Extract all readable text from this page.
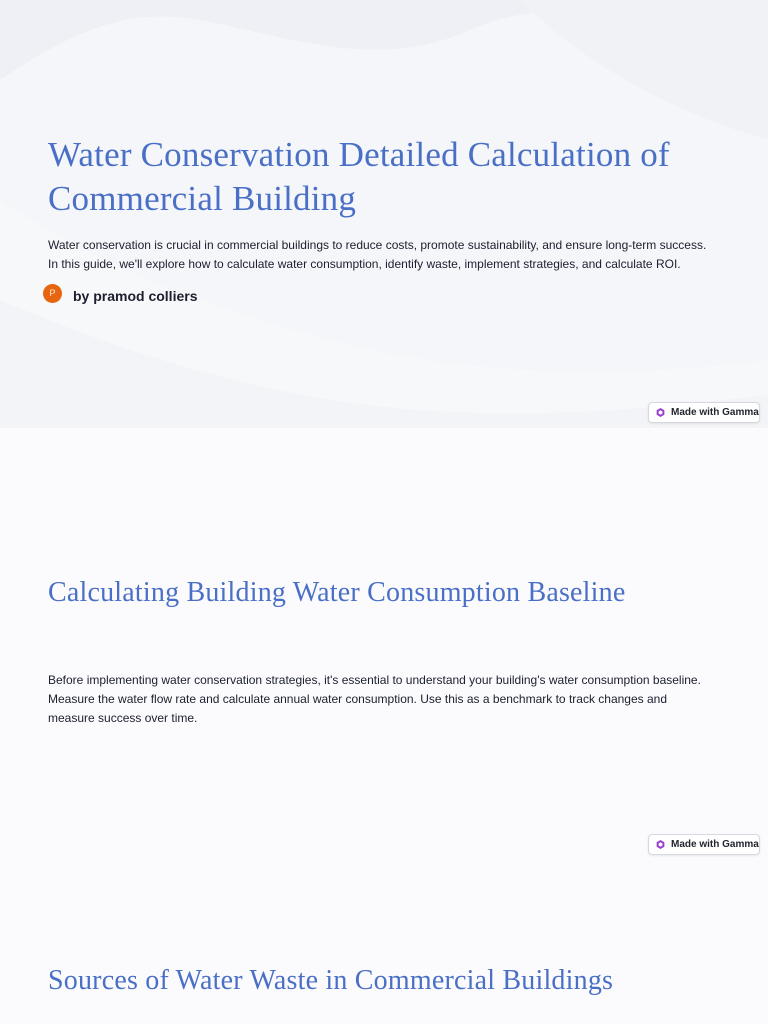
Water Conservation Detailed Calculation of Commercial Building

Water conservation is crucial in commercial buildings to reduce costs, promote sustainability, and ensure long-term success. In this guide, we'll explore how to calculate water consumption, identify waste, implement strategies, and calculate ROI.

P	by pramod colliers
Made with Gamma
Calculating Building Water Consumption Baseline

Before implementing water conservation strategies, it's essential to understand your building's water consumption baseline. Measure the water flow rate and calculate annual water consumption. Use this as a benchmark to track changes and measure success over time.

Made with Gamma
Sources of Water Waste in Commercial Buildings
